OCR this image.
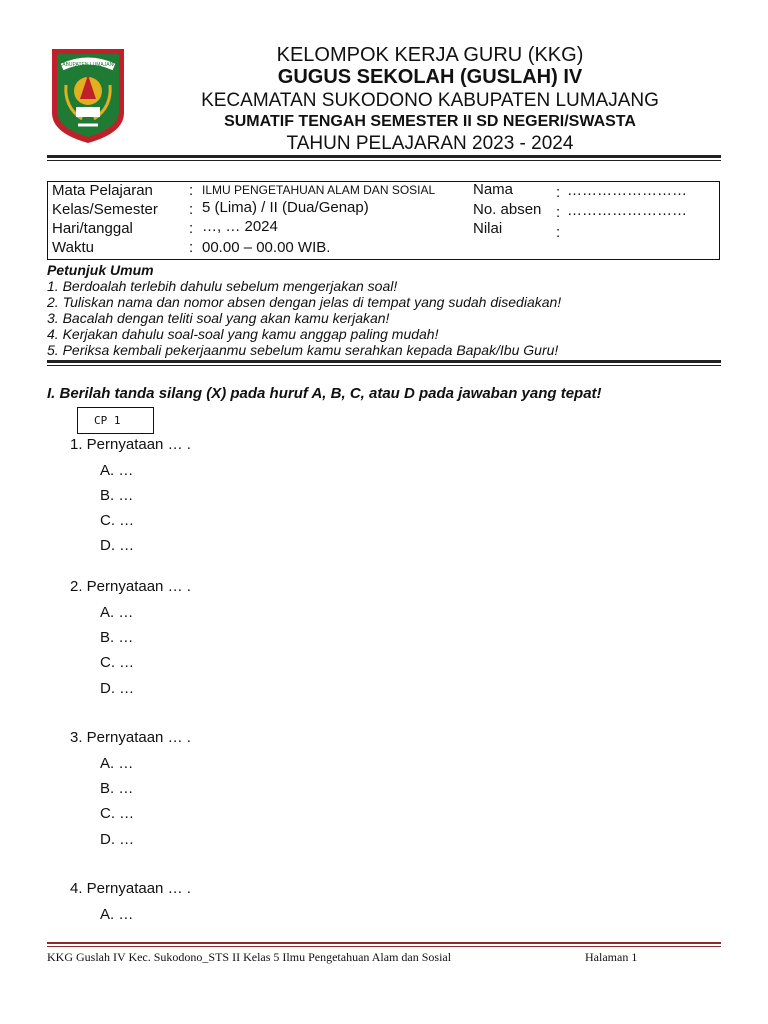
KABUPATEN LUMAJANG	KELOMPOK KERJA GURU (KKG)
GUGUS SEKOLAH (GUSLAH) IV
KECAMATAN SUKODONO KABUPATEN LUMAJANG
SUMATIF TENGAH SEMESTER II SD NEGERI/SWASTA
TAHUN PELAJARAN 2023 - 2024
Mata Pelajaran : ILMU PENGETAHUAN ALAM DAN SOSIAL
Kelas/Semester : 5 (Lima) / II (Dua/Genap)
Hari/tanggal	: …, … 2024
Waktu	: 00.00 – 00.00 WIB.
Nama	: ……………………
No. absen : ……………………
Nilai	:
Petunjuk Umum
1. Berdoalah terlebih dahulu sebelum mengerjakan soal!
2. Tuliskan nama dan nomor absen dengan jelas di tempat yang sudah disediakan!
3. Bacalah dengan teliti soal yang akan kamu kerjakan!
4. Kerjakan dahulu soal-soal yang kamu anggap paling mudah!
5. Periksa kembali pekerjaanmu sebelum kamu serahkan kepada Bapak/Ibu Guru!
I. Berilah tanda silang (X) pada huruf A, B, C, atau D pada jawaban yang tepat!
CP 1
1. Pernyataan … .
A. …
B. …
C. …
D. …
2. Pernyataan … .
A. …
B. …
C. …
D. …
3. Pernyataan … .
A. …
B. …
C. …
D. …
4. Pernyataan … .
A. …
KKG Guslah IV Kec. Sukodono_STS II Kelas 5 Ilmu Pengetahuan Alam dan Sosial	Halaman 1
